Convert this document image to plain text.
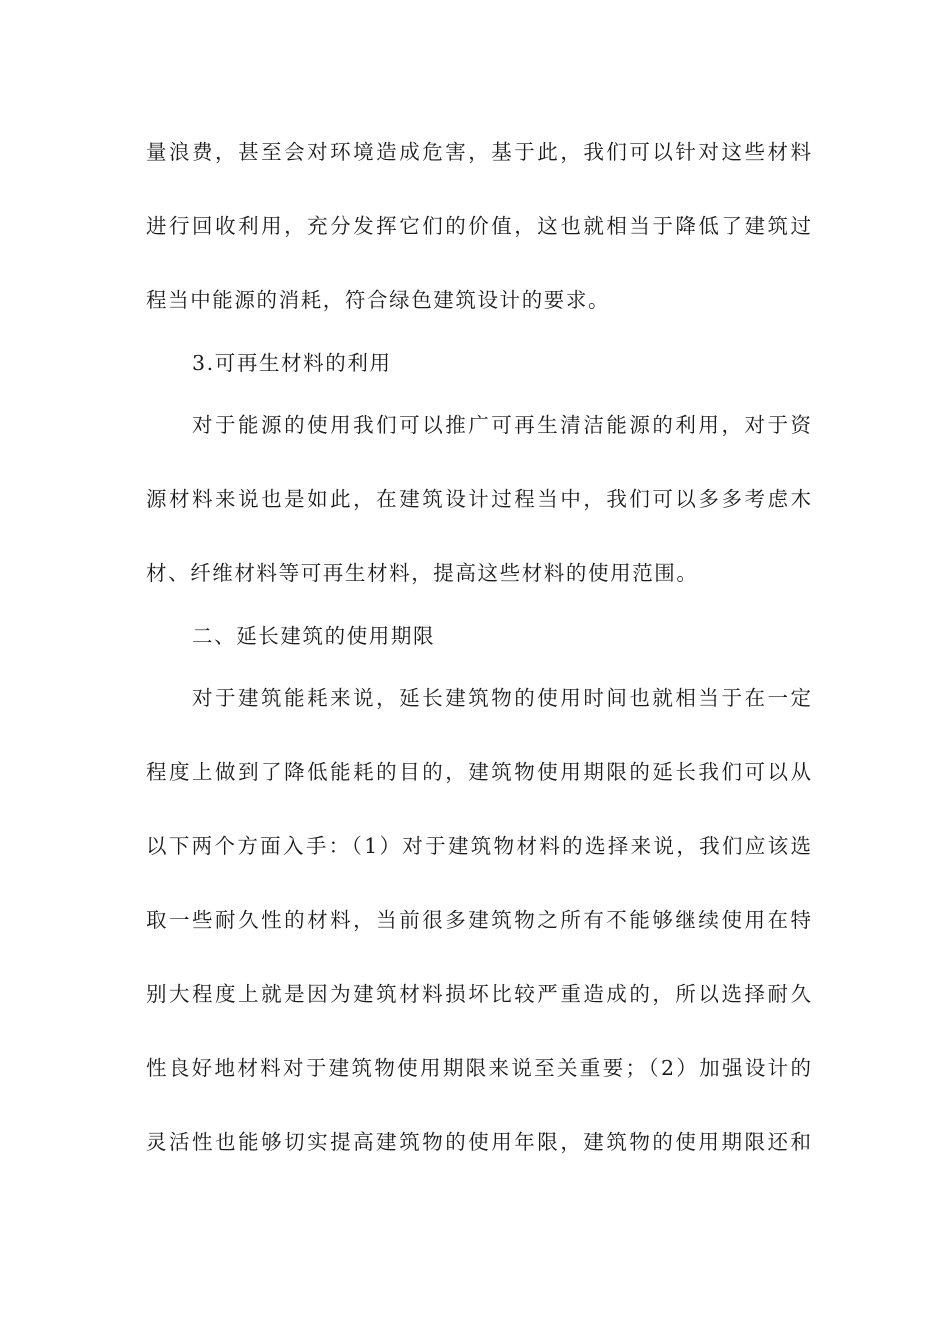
量浪费，甚至会对环境造成危害，基于此，我们可以针对这些材料
进行回收利用，充分发挥它们的价值，这也就相当于降低了建筑过
程当中能源的消耗，符合绿色建筑设计的要求。
3.可再生材料的利用
对于能源的使用我们可以推广可再生清洁能源的利用，对于资
源材料来说也是如此，在建筑设计过程当中，我们可以多多考虑木
材、纤维材料等可再生材料，提高这些材料的使用范围。
二、延长建筑的使用期限
对于建筑能耗来说，延长建筑物的使用时间也就相当于在一定
程度上做到了降低能耗的目的，建筑物使用期限的延长我们可以从
以下两个方面入手：（1）对于建筑物材料的选择来说，我们应该选
取一些耐久性的材料，当前很多建筑物之所有不能够继续使用在特
别大程度上就是因为建筑材料损坏比较严重造成的，所以选择耐久
性良好地材料对于建筑物使用期限来说至关重要；（2）加强设计的
灵活性也能够切实提高建筑物的使用年限，建筑物的使用期限还和
